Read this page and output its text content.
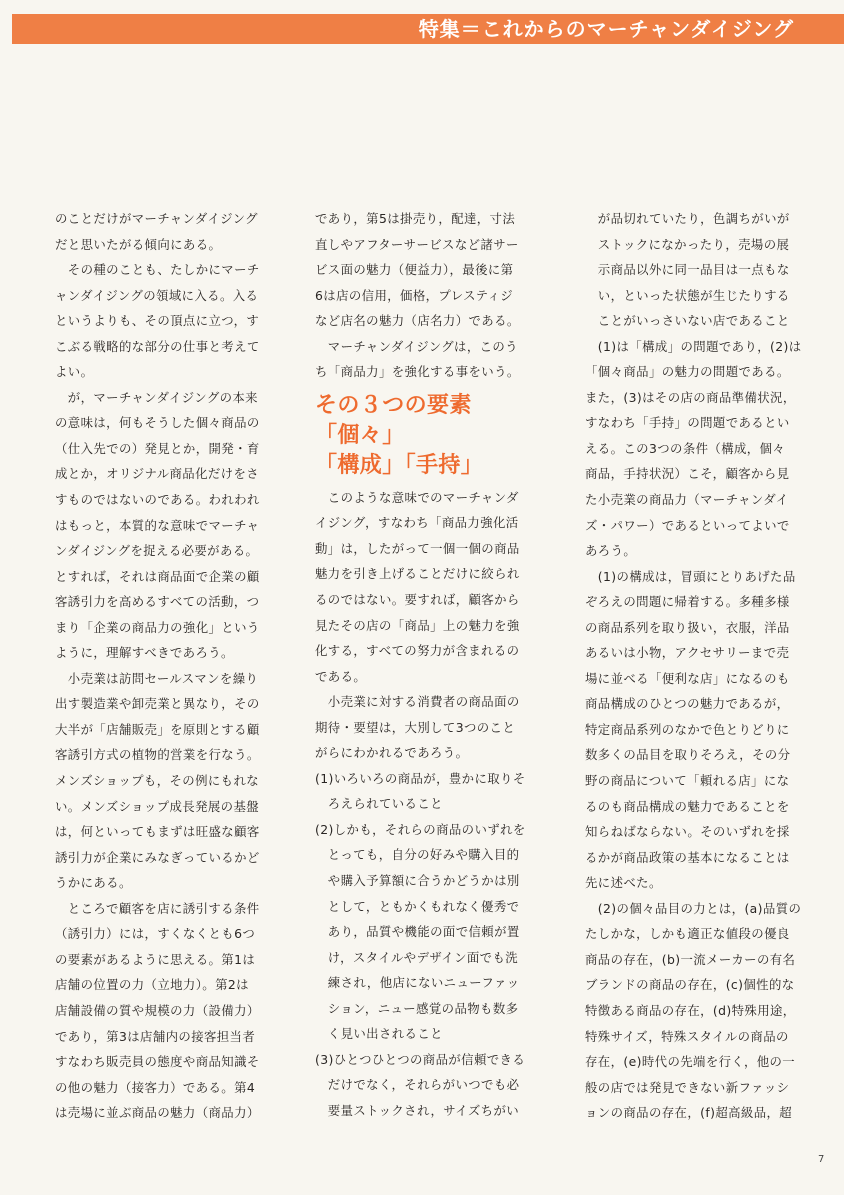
特集＝これからのマーチャンダイジング
のことだけがマーチャンダイジング
だと思いたがる傾向にある。
　その種のことも、たしかにマーチ
ャンダイジングの領域に入る。入る
というよりも、その頂点に立つ，す
こぶる戦略的な部分の仕事と考えて
よい。
　が，マーチャンダイジングの本来
の意味は，何もそうした個々商品の
（仕入先での）発見とか，開発・育
成とか，オリジナル商品化だけをさ
すものではないのである。われわれ
はもっと，本質的な意味でマーチャ
ンダイジングを捉える必要がある。
とすれば，それは商品面で企業の顧
客誘引力を高めるすべての活動，つ
まり「企業の商品力の強化」という
ように，理解すべきであろう。
　小売業は訪問セールスマンを繰り
出す製造業や卸売業と異なり，その
大半が「店舗販売」を原則とする顧
客誘引方式の植物的営業を行なう。
メンズショップも，その例にもれな
い。メンズショップ成長発展の基盤
は，何といってもまずは旺盛な顧客
誘引力が企業にみなぎっているかど
うかにある。
　ところで顧客を店に誘引する条件
（誘引力）には，すくなくとも6つ
の要素があるように思える。第1は
店舗の位置の力（立地力）。第2は
店舗設備の質や規模の力（設備力）
であり，第3は店舗内の接客担当者
すなわち販売員の態度や商品知識そ
の他の魅力（接客力）である。第4
は売場に並ぶ商品の魅力（商品力）
であり，第5は掛売り，配達，寸法
直しやアフターサービスなど諸サー
ビス面の魅力（便益力），最後に第
6は店の信用，価格，プレスティジ
など店名の魅力（店名力）である。
　マーチャンダイジングは，このう
ち「商品力」を強化する事をいう。
その３つの要素
「個々」
「構成」「手持」
　このような意味でのマーチャンダ
イジング，すなわち「商品力強化活
動」は，したがって一個一個の商品
魅力を引き上げることだけに絞られ
るのではない。要すれば，顧客から
見たその店の「商品」上の魅力を強
化する，すべての努力が含まれるの
である。
　小売業に対する消費者の商品面の
期待・要望は，大別して3つのこと
がらにわかれるであろう。
(1)いろいろの商品が，豊かに取りそ
　ろえられていること
(2)しかも，それらの商品のいずれを
　とっても，自分の好みや購入目的
　や購入予算額に合うかどうかは別
　として，ともかくもれなく優秀で
　あり，品質や機能の面で信頼が置
　け，スタイルやデザイン面でも洗
　練され，他店にないニューファッ
　ション，ニュー感覚の品物も数多
　く見い出されること
(3)ひとつひとつの商品が信頼できる
　だけでなく，それらがいつでも必
　要量ストックされ，サイズちがい
　が品切れていたり，色調ちがいが
　ストックになかったり，売場の展
　示商品以外に同一品目は一点もな
　い，といった状態が生じたりする
　ことがいっさいない店であること
　(1)は「構成」の問題であり，(2)は
「個々商品」の魅力の問題である。
また，(3)はその店の商品準備状況，
すなわち「手持」の問題であるとい
える。この3つの条件（構成，個々
商品，手持状況）こそ，顧客から見
た小売業の商品力（マーチャンダイ
ズ・パワー）であるといってよいで
あろう。
　(1)の構成は，冒頭にとりあげた品
ぞろえの問題に帰着する。多種多様
の商品系列を取り扱い，衣服，洋品
あるいは小物，アクセサリーまで売
場に並べる「便利な店」になるのも
商品構成のひとつの魅力であるが，
特定商品系列のなかで色とりどりに
数多くの品目を取りそろえ，その分
野の商品について「頼れる店」にな
るのも商品構成の魅力であることを
知らねばならない。そのいずれを採
るかが商品政策の基本になることは
先に述べた。
　(2)の個々品目の力とは，(a)品質の
たしかな，しかも適正な値段の優良
商品の存在，(b)一流メーカーの有名
ブランドの商品の存在，(c)個性的な
特徴ある商品の存在，(d)特殊用途，
特殊サイズ，特殊スタイルの商品の
存在，(e)時代の先端を行く，他の一
般の店では発見できない新ファッシ
ョンの商品の存在，(f)超高級品，超
7
